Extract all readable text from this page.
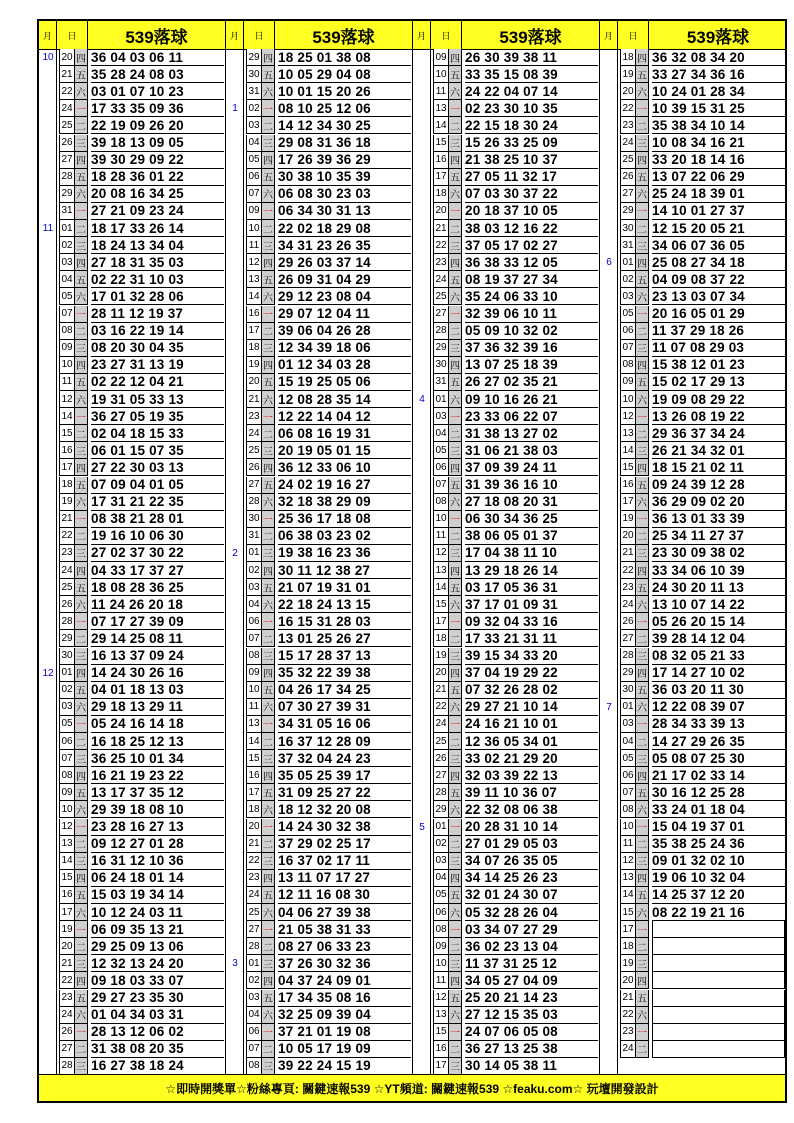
月	日	539落球	月	日	539落球	月	日	539落球	月	日	539落球
☆即時開獎單☆粉絲專頁: 關鍵速報539 ☆YT頻道: 關鍵速報539 ☆feaku.com☆ 玩壇開發設計
10 20 四 36 04 03 06 11
21 五 35 28 24 08 03
22 六 03 01 07 10 23
24 一 17 33 35 09 36
25 二 22 19 09 26 20
26 三 39 18 13 09 05
27 四 39 30 29 09 22
28 五 18 28 36 01 22
29 六 20 08 16 34 25
31 一 27 21 09 23 24
11 01 二 18 17 33 26 14
02 三 18 24 13 34 04
03 四 27 18 31 35 03
04 五 02 22 31 10 03
05 六 17 01 32 28 06
07 一 28 11 12 19 37
08 二 03 16 22 19 14
09 三 08 20 30 04 35
10 四 23 27 31 13 19
11 五 02 22 12 04 21
12 六 19 31 05 33 13
14 一 36 27 05 19 35
15 二 02 04 18 15 33
16 三 06 01 15 07 35
17 四 27 22 30 03 13
18 五 07 09 04 01 05
19 六 17 31 21 22 35
21 一 08 38 21 28 01
22 二 19 16 10 06 30
23 三 27 02 37 30 22
24 四 04 33 17 37 27
25 五 18 08 28 36 25
26 六 11 24 26 20 18
28 一 07 17 27 39 09
29 二 29 14 25 08 11
30 三 16 13 37 09 24
12 01 四 14 24 30 26 16
02 五 04 01 18 13 03
03 六 29 18 13 29 11
05 一 05 24 16 14 18
06 二 16 18 25 12 13
07 三 36 25 10 01 34
08 四 16 21 19 23 22
09 五 13 17 37 35 12
10 六 29 39 18 08 10
12 一 23 28 16 27 13
13 二 09 12 27 01 28
14 三 16 31 12 10 36
15 四 06 24 18 01 14
16 五 15 03 19 34 14
17 六 10 12 24 03 11
19 一 06 09 35 13 21
20 二 29 25 09 13 06
21 三 12 32 13 24 20
22 四 09 18 03 33 07
23 五 29 27 23 35 30
24 六 01 04 34 03 31
26 一 28 13 12 06 02
27 二 31 38 08 20 35
28 三 16 27 38 18 24
29 四 18 25 01 38 08
30 五 10 05 29 04 08
31 六 10 01 15 20 26
1	02 一 08 10 25 12 06
03 二 14 12 34 30 25
04 三 29 08 31 36 18
05 四 17 26 39 36 29
06 五 30 38 10 35 39
07 六 06 08 30 23 03
09 一 06 34 30 31 13
10 二 22 02 18 29 08
11 三 34 31 23 26 35
12 四 29 26 03 37 14
13 五 26 09 31 04 29
14 六 29 12 23 08 04
16 一 29 07 12 04 11
17 二 39 06 04 26 28
18 三 12 34 39 18 06
19 四 01 12 34 03 28
20 五 15 19 25 05 06
21 六 12 08 28 35 14
23 一 12 22 14 04 12
24 二 06 08 16 19 31
25 三 20 19 05 01 15
26 四 36 12 33 06 10
27 五 24 02 19 16 27
28 六 32 18 38 29 09
30 一 25 36 17 18 08
31 二 06 38 03 23 02
2	01 三 19 38 16 23 36
02 四 30 11 12 38 27
03 五 21 07 19 31 01
04 六 22 18 24 13 15
06 一 16 15 31 28 03
07 二 13 01 25 26 27
08 三 15 17 28 37 13
09 四 35 32 22 39 38
10 五 04 26 17 34 25
11 六 07 30 27 39 31
13 一 34 31 05 16 06
14 二 16 37 12 28 09
15 三 37 32 04 24 23
16 四 35 05 25 39 17
17 五 31 09 25 27 22
18 六 18 12 32 20 08
20 一 14 24 30 32 38
21 二 37 29 02 25 17
22 三 16 37 02 17 11
23 四 13 11 07 17 27
24 五 12 11 16 08 30
25 六 04 06 27 39 38
27 一 21 05 38 31 33
28 二 08 27 06 33 23
3	01 三 37 26 30 32 36
02 四 04 37 24 09 01
03 五 17 34 35 08 16
04 六 32 25 09 39 04
06 一 37 21 01 19 08
07 二 10 05 17 19 09
08 三 39 22 24 15 19
09 四 26 30 39 38 11
10 五 33 35 15 08 39
11 六 24 22 04 07 14
13 一 02 23 30 10 35
14 二 22 15 18 30 24
15 三 15 26 33 25 09
16 四 21 38 25 10 37
17 五 27 05 11 32 17
18 六 07 03 30 37 22
20 一 20 18 37 10 05
21 二 38 03 12 16 22
22 三 37 05 17 02 27
23 四 36 38 33 12 05
24 五 08 19 37 27 34
25 六 35 24 06 33 10
27 一 32 39 06 10 11
28 二 05 09 10 32 02
29 三 37 36 32 39 16
30 四 13 07 25 18 39
31 五 26 27 02 35 21
4	01 六 09 10 16 26 21
03 一 23 33 06 22 07
04 二 31 38 13 27 02
05 三 31 06 21 38 03
06 四 37 09 39 24 11
07 五 31 39 36 16 10
08 六 27 18 08 20 31
10 一 06 30 34 36 25
11 二 38 06 05 01 37
12 三 17 04 38 11 10
13 四 13 29 18 26 14
14 五 03 17 05 36 31
15 六 37 17 01 09 31
17 一 09 32 04 33 16
18 二 17 33 21 31 11
19 三 39 15 34 33 20
20 四 37 04 19 29 22
21 五 07 32 26 28 02
22 六 29 27 21 10 14
24 一 24 16 21 10 01
25 二 12 36 05 34 01
26 三 33 02 21 29 20
27 四 32 03 39 22 13
28 五 39 11 10 36 07
29 六 22 32 08 06 38
5	01 一 20 28 31 10 14
02 二 27 01 29 05 03
03 三 34 07 26 35 05
04 四 34 14 25 26 23
05 五 32 01 24 30 07
06 六 05 32 28 26 04
08 一 03 34 07 27 29
09 二 36 02 23 13 04
10 三 11 37 31 25 12
11 四 34 05 27 04 09
12 五 25 20 21 14 23
13 六 27 12 15 35 03
15 一 24 07 06 05 08
16 二 36 27 13 25 38
17 三 30 14 05 38 11
18 四 36 32 08 34 20
19 五 33 27 34 36 16
20 六 10 24 01 28 34
22 一 10 39 15 31 25
23 二 35 38 34 10 14
24 三 10 08 34 16 21
25 四 33 20 18 14 16
26 五 13 07 22 06 29
27 六 25 24 18 39 01
29 一 14 10 01 27 37
30 二 12 15 20 05 21
31 三 34 06 07 36 05
6	01 四 25 08 27 34 18
02 五 04 09 08 37 22
03 六 23 13 03 07 34
05 一 20 16 05 01 29
06 二 11 37 29 18 26
07 三 11 07 08 29 03
08 四 15 38 12 01 23
09 五 15 02 17 29 13
10 六 19 09 08 29 22
12 一 13 26 08 19 22
13 二 29 36 37 34 24
14 三 26 21 34 32 01
15 四 18 15 21 02 11
16 五 09 24 39 12 28
17 六 36 29 09 02 20
19 一 36 13 01 33 39
20 二 25 34 11 27 37
21 三 23 30 09 38 02
22 四 33 34 06 10 39
23 五 24 30 20 11 13
24 六 13 10 07 14 22
26 一 05 26 20 15 14
27 二 39 28 14 12 04
28 三 08 32 05 21 33
29 四 17 14 27 10 02
30 五 36 03 20 11 30
7	01 六 12 22 08 39 07
03 一 28 34 33 39 13
04 二 14 27 29 26 35
05 三 05 08 07 25 30
06 四 21 17 02 33 14
07 五 30 16 12 25 28
08 六 33 24 01 18 04
10 一 15 04 19 37 01
11 二 35 38 25 24 36
12 三 09 01 32 02 10
13 四 19 06 10 32 04
14 五 14 25 37 12 20
15 六 08 22 19 21 16
17 一
18 二
19 三
20 四
21 五
22 六
23 一
24 二
